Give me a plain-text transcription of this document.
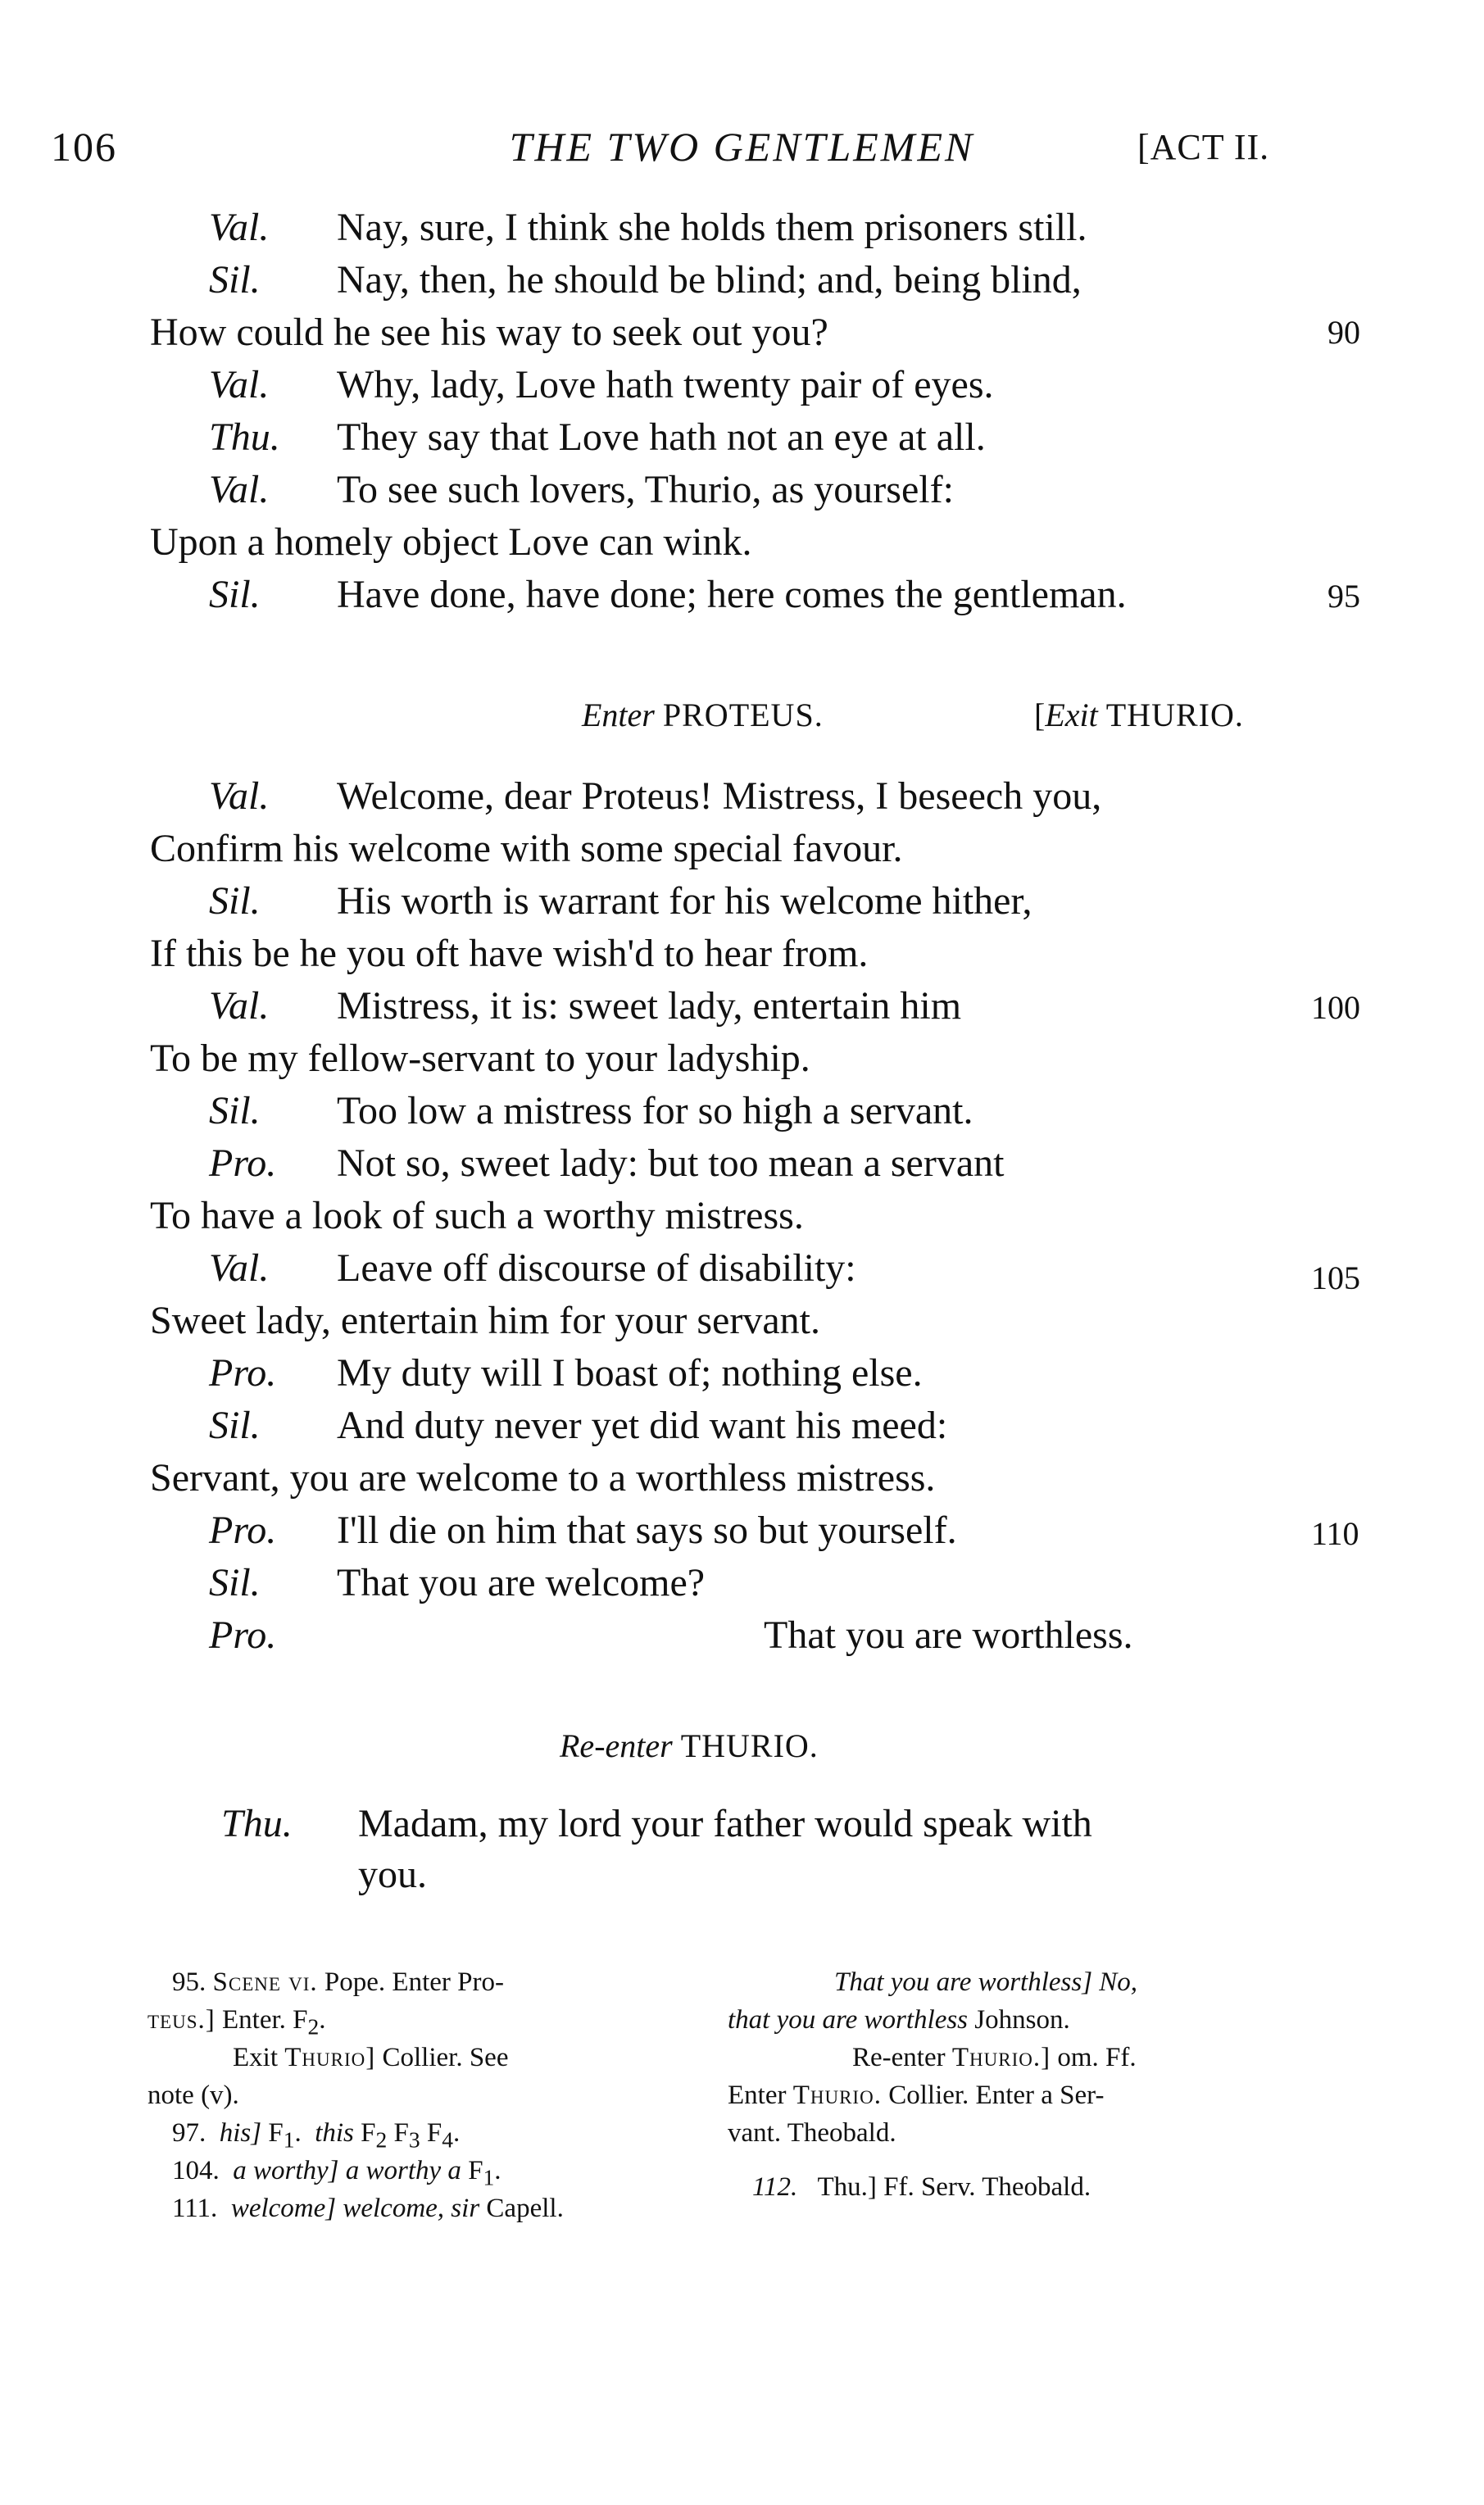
106	THE TWO GENTLEMEN	[ACT II.
Val. Nay, sure, I think she holds them prisoners still.
Sil. Nay, then, he should be blind; and, being blind,
How could he see his way to seek out you?	90
Val. Why, lady, Love hath twenty pair of eyes.
Thu. They say that Love hath not an eye at all.
Val. To see such lovers, Thurio, as yourself:
Upon a homely object Love can wink.
Sil. Have done, have done; here comes the gentleman.	95
Enter PROTEUS.	[Exit THURIO.
Val. Welcome, dear Proteus! Mistress, I beseech you,
Confirm his welcome with some special favour.
Sil. His worth is warrant for his welcome hither,
If this be he you oft have wish'd to hear from.
Val. Mistress, it is: sweet lady, entertain him	100
To be my fellow-servant to your ladyship.
Sil. Too low a mistress for so high a servant.
Pro. Not so, sweet lady: but too mean a servant
To have a look of such a worthy mistress.
Val. Leave off discourse of disability:	105
Sweet lady, entertain him for your servant.
Pro. My duty will I boast of; nothing else.
Sil. And duty never yet did want his meed:
Servant, you are welcome to a worthless mistress.
Pro. I'll die on him that says so but yourself.	110
Sil. That you are welcome?
Pro.	That you are worthless.
Re-enter THURIO.
Thu. Madam, my lord your father would speak with
you.
95. Scene vi. Pope. Enter Pro-
teus.] Enter. $F_2$.
Exit Thurio] Collier. See
note (v).
97. his] $F_1$. this $F_2$ $F_3$ $F_4$.
104. a worthy] a worthy a $F_1$.
111. welcome] welcome, sir Capell.
That you are worthless] No,
that you are worthless Johnson.
Re-enter Thurio.] om. Ff.
Enter Thurio. Collier. Enter a Ser-
vant. Theobald.
112. Thu.] Ff. Serv. Theobald.
